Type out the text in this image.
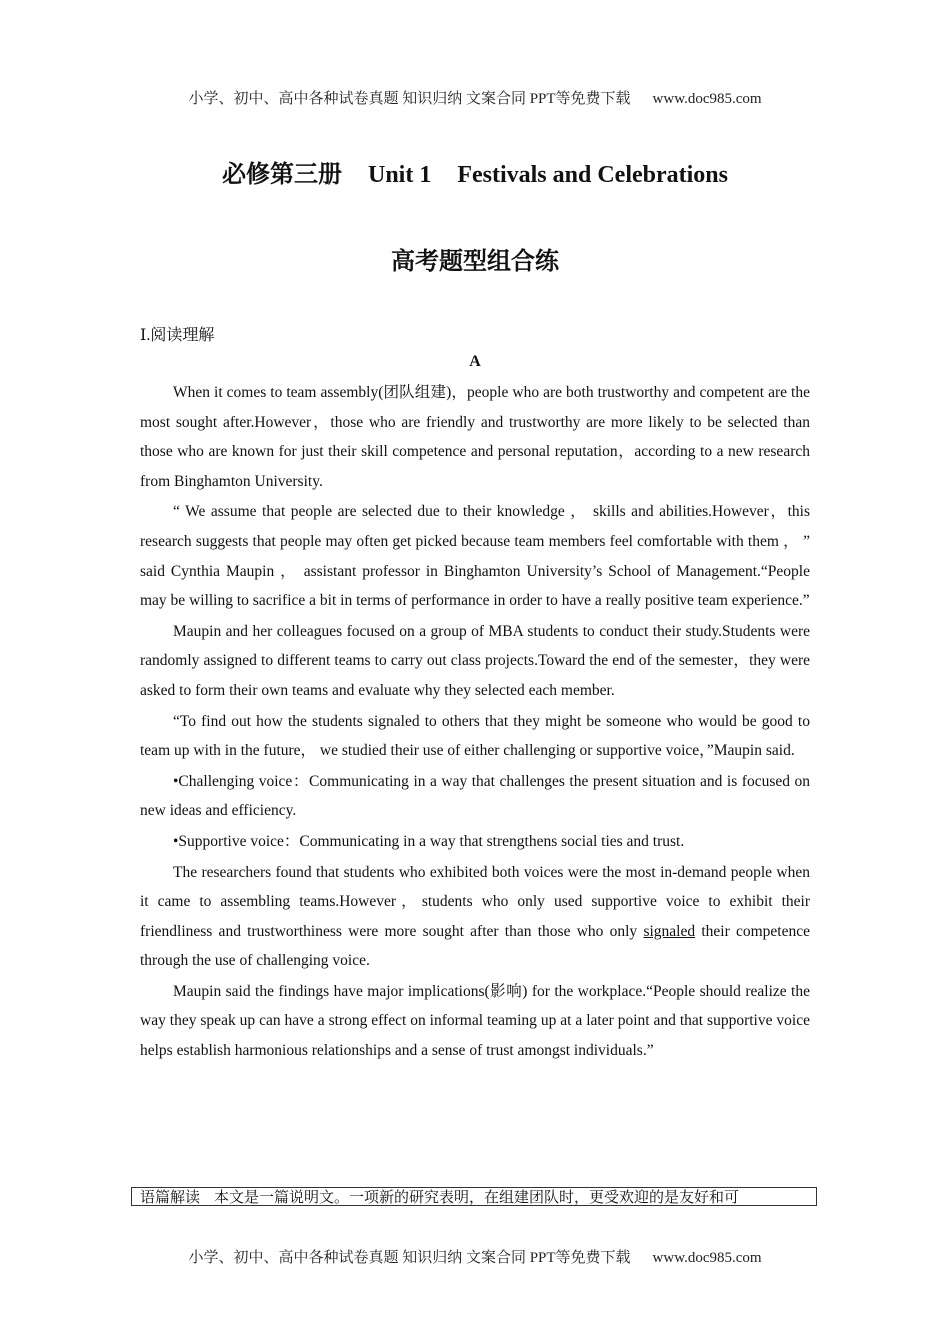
小学、初中、高中各种试卷真题 知识归纳 文案合同 PPT等免费下载 www.doc985.com
必修第三册 Unit 1 Festivals and Celebrations
高考题型组合练
Ⅰ.阅读理解
A

When it comes to team assembly(团队组建)，people who are both trustworthy and competent are the most sought after.However，those who are friendly and trustworthy are more likely to be selected than those who are known for just their skill competence and personal reputation，according to a new research from Binghamton University.

“ We assume that people are selected due to their knowledge ， skills and abilities.However，this research suggests that people may often get picked because team members feel comfortable with them ， ” said Cynthia Maupin ， assistant professor in Binghamton University’s School of Management.“People may be willing to sacrifice a bit in terms of performance in order to have a really positive team experience.”

Maupin and her colleagues focused on a group of MBA students to conduct their study.Students were randomly assigned to different teams to carry out class projects.Toward the end of the semester，they were asked to form their own teams and evaluate why they selected each member.

“To find out how the students signaled to others that they might be someone who would be good to team up with in the future， we studied their use of either challenging or supportive voice，”Maupin said.

•Challenging voice：Communicating in a way that challenges the present situation and is focused on new ideas and efficiency.

•Supportive voice：Communicating in a way that strengthens social ties and trust.

The researchers found that students who exhibited both voices were the most in-demand people when it came to assembling teams.However，students who only used supportive voice to exhibit their friendliness and trustworthiness were more sought after than those who only signaled their competence through the use of challenging voice.

Maupin said the findings have major implications(影响) for the workplace.“People should realize the way they speak up can have a strong effect on informal teaming up at a later point and that supportive voice helps establish harmonious relationships and a sense of trust amongst individuals.”

语篇解读 本文是一篇说明文。一项新的研究表明，在组建团队时，更受欢迎的是友好和可
小学、初中、高中各种试卷真题 知识归纳 文案合同 PPT等免费下载 www.doc985.com
